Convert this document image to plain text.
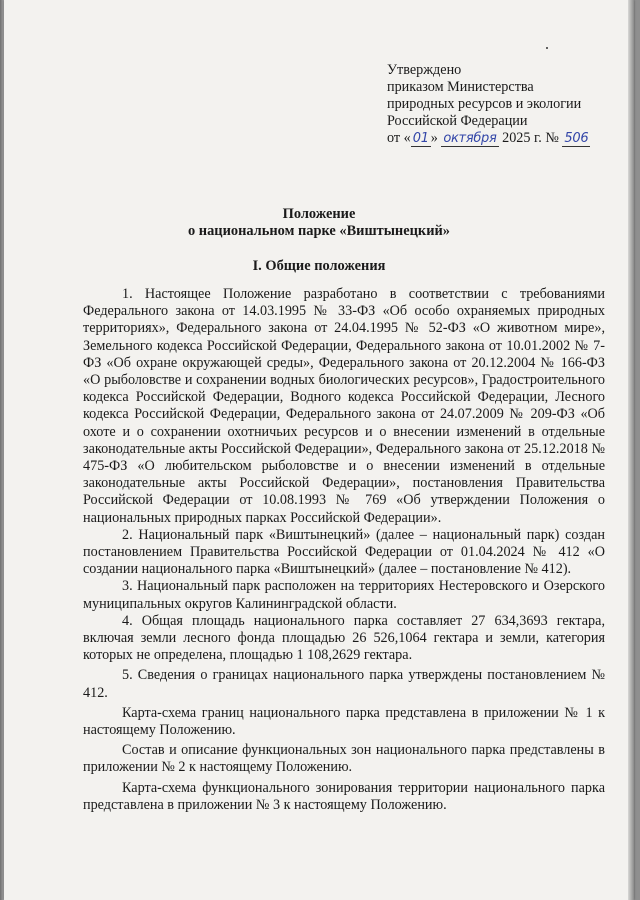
Утверждено
приказом Министерства
природных ресурсов и экологии
Российской Федерации
от « 01 » октября 2025 г. № 506
Положение
о национальном парке «Виштынецкий»
I. Общие положения

1. Настоящее Положение разработано в соответствии с требованиями Федерального закона от 14.03.1995 № 33-ФЗ «Об особо охраняемых природных территориях», Федерального закона от 24.04.1995 № 52-ФЗ «О животном мире», Земельного кодекса Российской Федерации, Федерального закона от 10.01.2002 № 7-ФЗ «Об охране окружающей среды», Федерального закона от 20.12.2004 № 166-ФЗ «О рыболовстве и сохранении водных биологических ресурсов», Градостроительного кодекса Российской Федерации, Водного кодекса Российской Федерации, Лесного кодекса Российской Федерации, Федерального закона от 24.07.2009 № 209-ФЗ «Об охоте и о сохранении охотничьих ресурсов и о внесении изменений в отдельные законодательные акты Российской Федерации», Федерального закона от 25.12.2018 № 475-ФЗ «О любительском рыболовстве и о внесении изменений в отдельные законодательные акты Российской Федерации», постановления Правительства Российской Федерации от 10.08.1993 № 769 «Об утверждении Положения о национальных природных парках Российской Федерации».

2. Национальный парк «Виштынецкий» (далее – национальный парк) создан постановлением Правительства Российской Федерации от 01.04.2024 № 412 «О создании национального парка «Виштынецкий» (далее – постановление № 412).

3. Национальный парк расположен на территориях Нестеровского и Озерского муниципальных округов Калининградской области.

4. Общая площадь национального парка составляет 27 634,3693 гектара, включая земли лесного фонда площадью 26 526,1064 гектара и земли, категория которых не определена, площадью 1 108,2629 гектара.

5. Сведения о границах национального парка утверждены постановлением № 412.

Карта-схема границ национального парка представлена в приложении № 1 к настоящему Положению.

Состав и описание функциональных зон национального парка представлены в приложении № 2 к настоящему Положению.

Карта-схема функционального зонирования территории национального парка представлена в приложении № 3 к настоящему Положению.
